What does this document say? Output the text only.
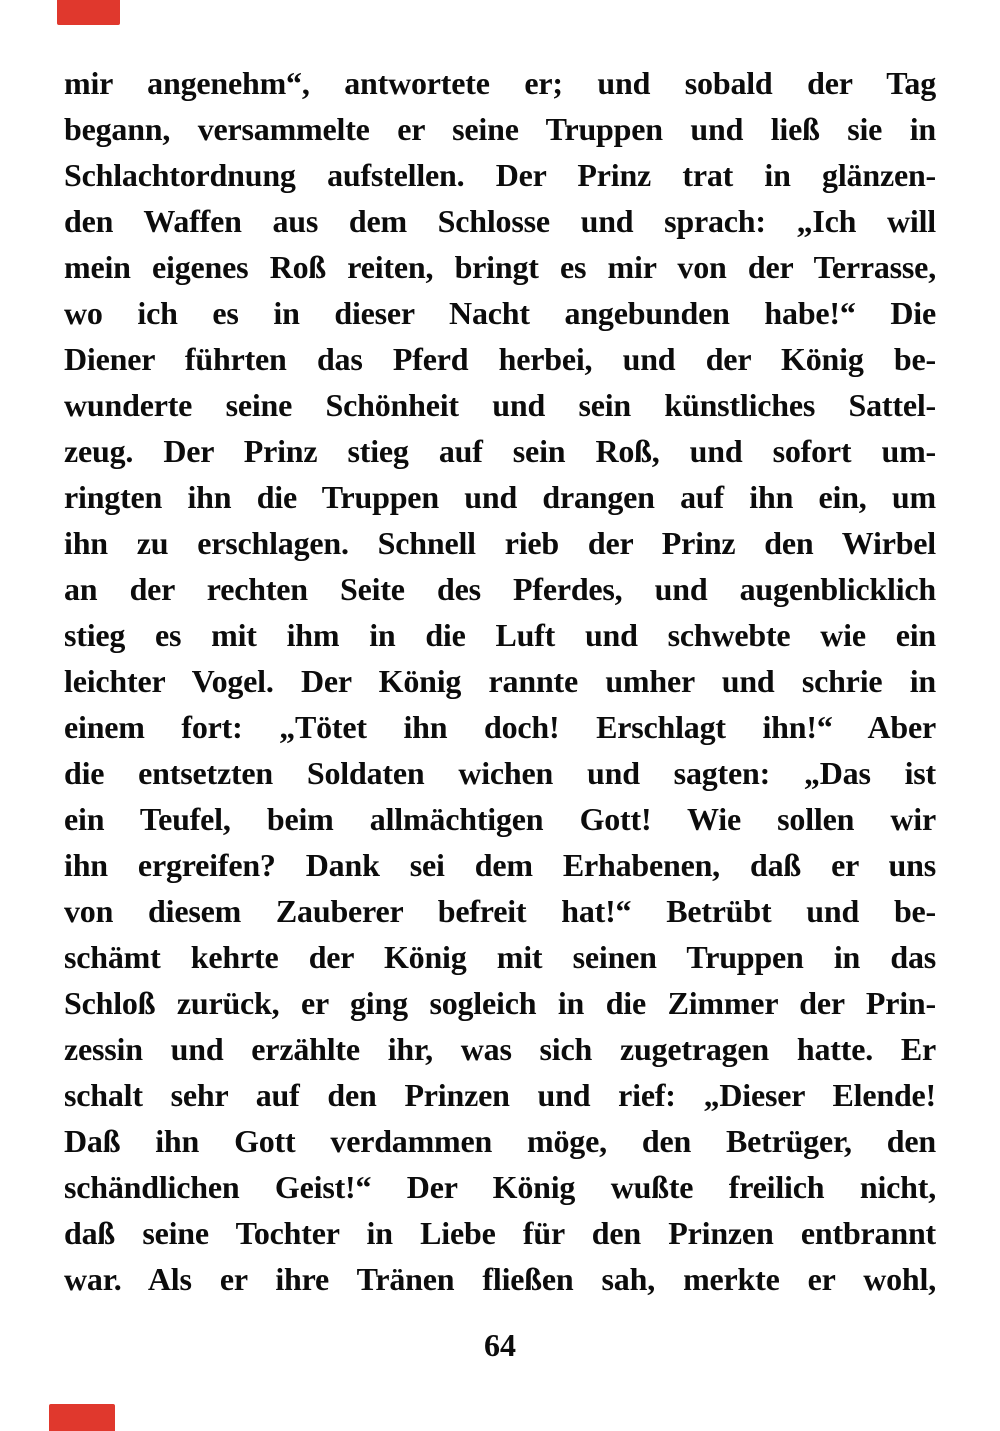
mir angenehm“, antwortete er; und sobald der Tag
begann, versammelte er seine Truppen und ließ sie in
Schlachtordnung aufstellen. Der Prinz trat in glänzen-
den Waffen aus dem Schlosse und sprach: „Ich will
mein eigenes Roß reiten, bringt es mir von der Terrasse,
wo ich es in dieser Nacht angebunden habe!“ Die
Diener führten das Pferd herbei, und der König be-
wunderte seine Schönheit und sein künstliches Sattel-
zeug. Der Prinz stieg auf sein Roß, und sofort um-
ringten ihn die Truppen und drangen auf ihn ein, um
ihn zu erschlagen. Schnell rieb der Prinz den Wirbel
an der rechten Seite des Pferdes, und augenblicklich
stieg es mit ihm in die Luft und schwebte wie ein
leichter Vogel. Der König rannte umher und schrie in
einem fort: „Tötet ihn doch! Erschlagt ihn!“ Aber
die entsetzten Soldaten wichen und sagten: „Das ist
ein Teufel, beim allmächtigen Gott! Wie sollen wir
ihn ergreifen? Dank sei dem Erhabenen, daß er uns
von diesem Zauberer befreit hat!“ Betrübt und be-
schämt kehrte der König mit seinen Truppen in das
Schloß zurück, er ging sogleich in die Zimmer der Prin-
zessin und erzählte ihr, was sich zugetragen hatte. Er
schalt sehr auf den Prinzen und rief: „Dieser Elende!
Daß ihn Gott verdammen möge, den Betrüger, den
schändlichen Geist!“ Der König wußte freilich nicht,
daß seine Tochter in Liebe für den Prinzen entbrannt
war. Als er ihre Tränen fließen sah, merkte er wohl,
64
